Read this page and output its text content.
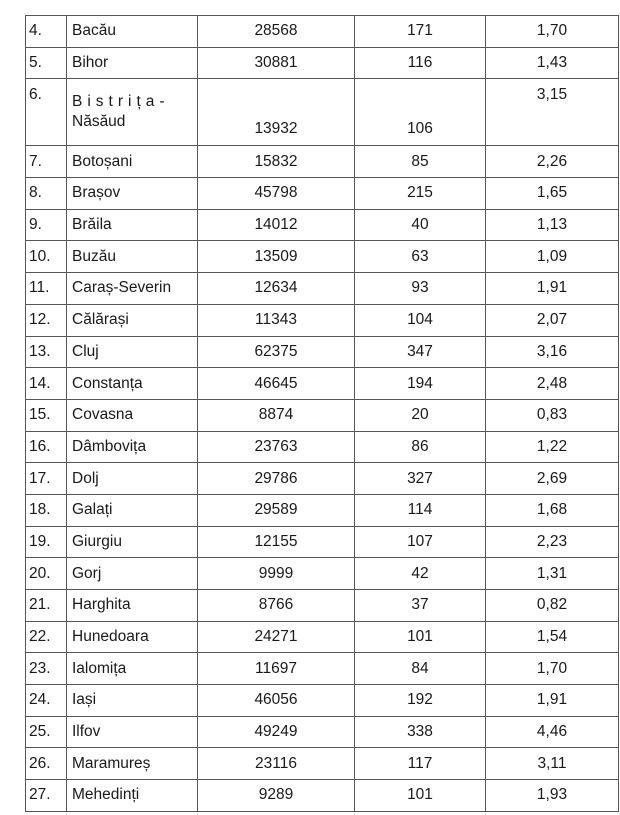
4.	Bacău	28568	171	1,70
5.	Bihor	30881	116	1,43
6.	Bistrița-
Năsăud	13932	106	3,15
7.	Botoșani	15832	85	2,26
8.	Brașov	45798	215	1,65
9.	Brăila	14012	40	1,13
10.	Buzău	13509	63	1,09
11.	Caraș-Severin	12634	93	1,91
12.	Călărași	11343	104	2,07
13.	Cluj	62375	347	3,16
14.	Constanța	46645	194	2,48
15.	Covasna	8874	20	0,83
16.	Dâmbovița	23763	86	1,22
17.	Dolj	29786	327	2,69
18.	Galați	29589	114	1,68
19.	Giurgiu	12155	107	2,23
20.	Gorj	9999	42	1,31
21.	Harghita	8766	37	0,82
22.	Hunedoara	24271	101	1,54
23.	Ialomița	11697	84	1,70
24.	Iași	46056	192	1,91
25.	Ilfov	49249	338	4,46
26.	Maramureș	23116	117	3,11
27.	Mehedinți	9289	101	1,93
